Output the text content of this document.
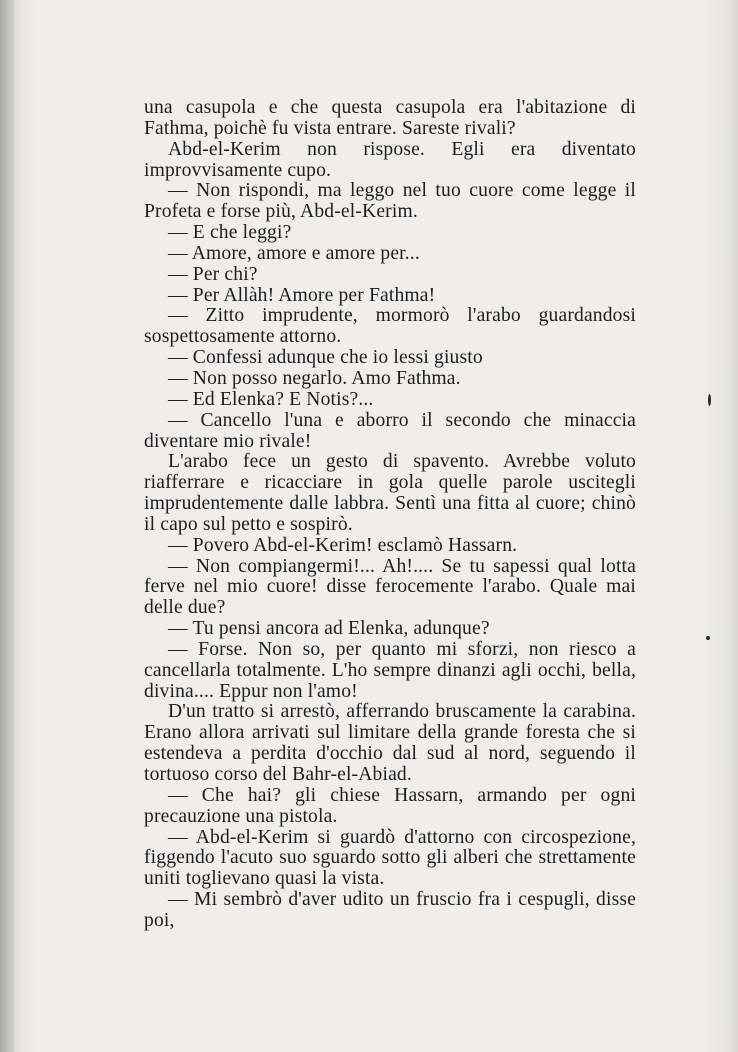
una casupola e che questa casupola era l'abitazione di Fathma, poichè fu vista entrare. Sareste rivali?

Abd-el-Kerim non rispose. Egli era diventato improvvisamente cupo.

— Non rispondi, ma leggo nel tuo cuore come legge il Profeta e forse più, Abd-el-Kerim.

— E che leggi?

— Amore, amore e amore per...

— Per chi?

— Per Allàh! Amore per Fathma!

— Zitto imprudente, mormorò l'arabo guardandosi sospettosamente attorno.

— Confessi adunque che io lessi giusto

— Non posso negarlo. Amo Fathma.

— Ed Elenka? E Notis?...

— Cancello l'una e aborro il secondo che minaccia diventare mio rivale!

L'arabo fece un gesto di spavento. Avrebbe voluto riafferrare e ricacciare in gola quelle parole uscitegli imprudentemente dalle labbra. Sentì una fitta al cuore; chinò il capo sul petto e sospirò.

— Povero Abd-el-Kerim! esclamò Hassarn.

— Non compiangermi!... Ah!.... Se tu sapessi qual lotta ferve nel mio cuore! disse ferocemente l'arabo. Quale mai delle due?

— Tu pensi ancora ad Elenka, adunque?

— Forse. Non so, per quanto mi sforzi, non riesco a cancellarla totalmente. L'ho sempre dinanzi agli occhi, bella, divina.... Eppur non l'amo!

D'un tratto si arrestò, afferrando bruscamente la carabina. Erano allora arrivati sul limitare della grande foresta che si estendeva a perdita d'occhio dal sud al nord, seguendo il tortuoso corso del Bahr-el-Abiad.

— Che hai? gli chiese Hassarn, armando per ogni precauzione una pistola.

— Abd-el-Kerim si guardò d'attorno con circospezione, figgendo l'acuto suo sguardo sotto gli alberi che strettamente uniti toglievano quasi la vista.

— Mi sembrò d'aver udito un fruscio fra i cespugli, disse poi,
